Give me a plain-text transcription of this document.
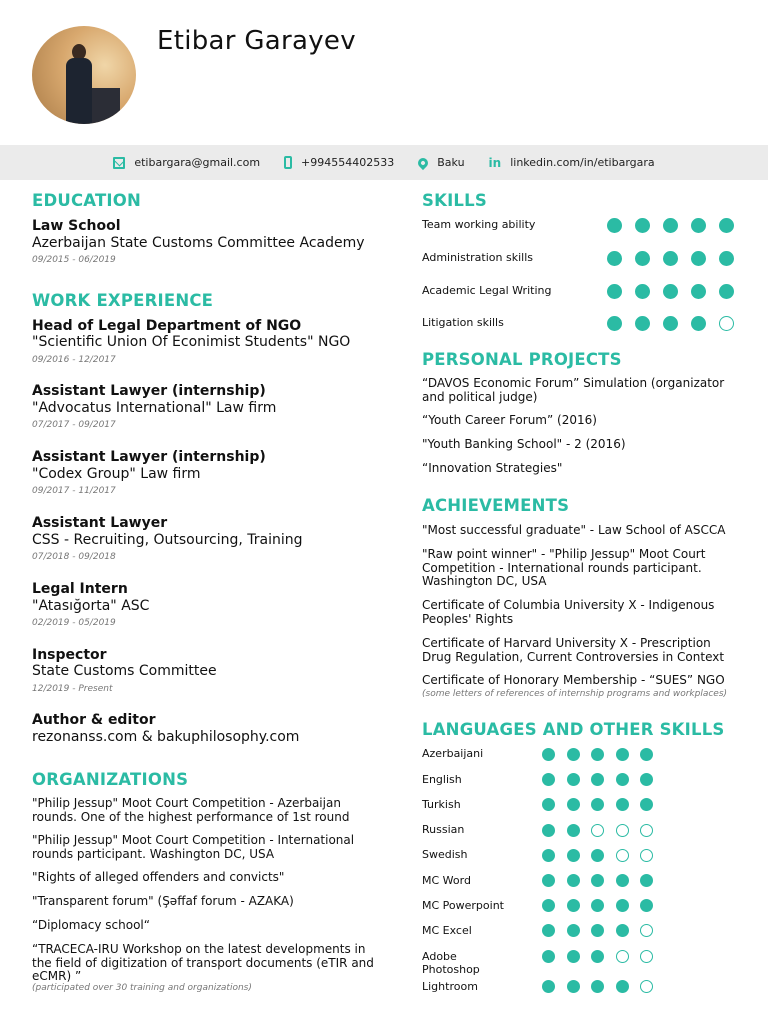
Etibar Garayev
etibargara@gmail.com	+994554402533	Baku in linkedin.com/in/etibargara
EDUCATION
Law School
Azerbaijan State Customs Committee Academy
09/2015 - 06/2019
WORK EXPERIENCE
Head of Legal Department of NGO
"Scientific Union Of Econimist Students" NGO
09/2016 - 12/2017
Assistant Lawyer (internship)
"Advocatus International" Law firm
07/2017 - 09/2017
Assistant Lawyer (internship)
"Codex Group" Law firm
09/2017 - 11/2017
Assistant Lawyer
CSS - Recruiting, Outsourcing, Training
07/2018 - 09/2018
Legal Intern
"Atasığorta" ASC
02/2019 - 05/2019
Inspector
State Customs Committee
12/2019 - Present
Author & editor
rezonanss.com & bakuphilosophy.com
ORGANIZATIONS
"Philip Jessup" Moot Court Competition - Azerbaijan rounds. One of the highest performance of 1st round
"Philip Jessup" Moot Court Competition - International rounds participant. Washington DC, USA
"Rights of alleged offenders and convicts"
"Transparent forum" (Şəffaf forum - AZAKA)
“Diplomacy school“
“TRACECA-IRU Workshop on the latest developments in the field of digitization of transport documents (eTIR and eCMR) ”
(participated over 30 training and organizations)
SKILLS
Team working ability
Administration skills
Academic Legal Writing
Litigation skills
PERSONAL PROJECTS
“DAVOS Economic Forum” Simulation (organizator and political judge)
“Youth Career Forum” (2016)
"Youth Banking School" - 2 (2016)
“Innovation Strategies"
ACHIEVEMENTS
"Most successful graduate" - Law School of ASCCA
"Raw point winner" - "Philip Jessup" Moot Court Competition - International rounds participant. Washington DC, USA
Certificate of Columbia University X - Indigenous Peoples' Rights
Certificate of Harvard University X - Prescription Drug Regulation, Current Controversies in Context
Certificate of Honorary Membership - “SUES” NGO
(some letters of references of internship programs and workplaces)
LANGUAGES AND OTHER SKILLS
Azerbaijani
English
Turkish
Russian
Swedish
MC Word
MC Powerpoint
MC Excel
Adobe Photoshop
Lightroom
